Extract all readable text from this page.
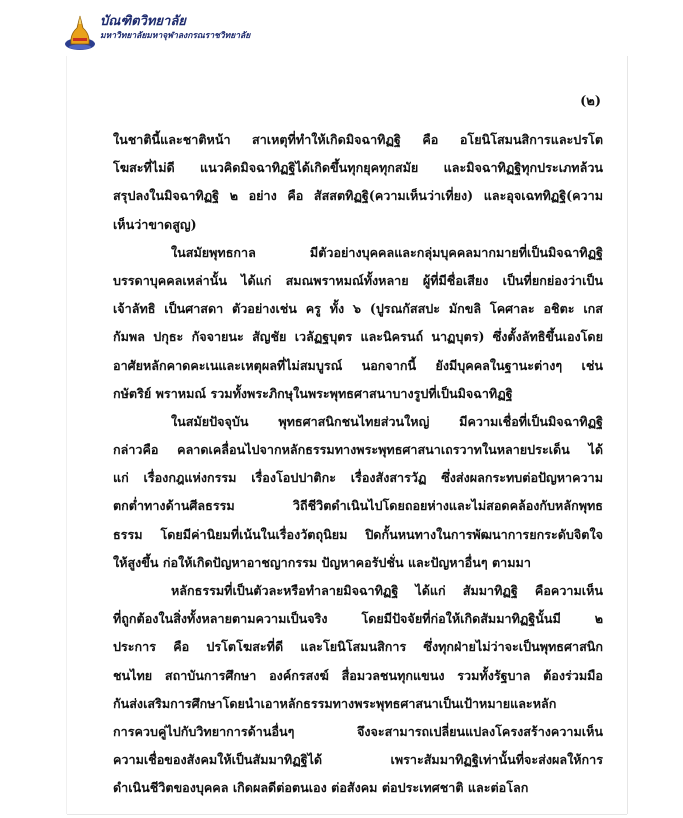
บัณฑิตวิทยาลัย
มหาวิทยาลัยมหาจุฬาลงกรณราชวิทยาลัย
(๒)
ในชาตินี้และชาติหน้า สาเหตุที่ทำให้เกิดมิจฉาทิฏฐิ คือ อโยนิโสมนสิการและปรโต
โฆสะที่ไม่ดี แนวคิดมิจฉาทิฏฐิได้เกิดขึ้นทุกยุคทุกสมัย และมิจฉาทิฏฐิทุกประเภทล้วน
สรุปลงในมิจฉาทิฏฐิ ๒ อย่าง คือ สัสสตทิฏฐิ(ความเห็นว่าเที่ยง) และอุจเฉททิฏฐิ(ความ
เห็นว่าขาดสูญ)
ในสมัยพุทธกาล มีตัวอย่างบุคคลและกลุ่มบุคคลมากมายที่เป็นมิจฉาทิฏฐิ
บรรดาบุคคลเหล่านั้น ได้แก่ สมณพราหมณ์ทั้งหลาย ผู้ที่มีชื่อเสียง เป็นที่ยกย่องว่าเป็น
เจ้าลัทธิ เป็นศาสดา ตัวอย่างเช่น ครู ทั้ง ๖ (ปูรณกัสสปะ มักขลิ โคศาละ อชิตะ เกส
กัมพล ปกุธะ กัจจายนะ สัญชัย เวลัฏฐบุตร และนิครนถ์ นาฏบุตร) ซึ่งตั้งลัทธิขึ้นเองโดย
อาศัยหลักคาดคะเนและเหตุผลที่ไม่สมบูรณ์ นอกจากนี้ ยังมีบุคคลในฐานะต่างๆ เช่น
กษัตริย์ พราหมณ์ รวมทั้งพระภิกษุในพระพุทธศาสนาบางรูปที่เป็นมิจฉาทิฏฐิ
ในสมัยปัจจุบัน พุทธศาสนิกชนไทยส่วนใหญ่ มีความเชื่อที่เป็นมิจฉาทิฏฐิ
กล่าวคือ คลาดเคลื่อนไปจากหลักธรรมทางพระพุทธศาสนาเถรวาทในหลายประเด็น ได้
แก่ เรื่องกฎแห่งกรรม เรื่องโอปปาติกะ เรื่องสังสารวัฏ ซึ่งส่งผลกระทบต่อปัญหาความ
ตกต่ำทางด้านศีลธรรม วิถีชีวิตดำเนินไปโดยถอยห่างและไม่สอดคล้องกับหลักพุทธ
ธรรม โดยมีค่านิยมที่เน้นในเรื่องวัตถุนิยม ปิดกั้นหนทางในการพัฒนาการยกระดับจิตใจ
ให้สูงขึ้น ก่อให้เกิดปัญหาอาชญากรรม ปัญหาคอรัปชั่น และปัญหาอื่นๆ ตามมา
หลักธรรมที่เป็นตัวละหรือทำลายมิจฉาทิฏฐิ ได้แก่ สัมมาทิฏฐิ คือความเห็น
ที่ถูกต้องในสิ่งทั้งหลายตามความเป็นจริง โดยมีปัจจัยที่ก่อให้เกิดสัมมาทิฏฐินั้นมี ๒
ประการ คือ ปรโตโฆสะที่ดี และโยนิโสมนสิการ ซึ่งทุกฝ่ายไม่ว่าจะเป็นพุทธศาสนิก
ชนไทย สถาบันการศึกษา องค์กรสงฆ์ สื่อมวลชนทุกแขนง รวมทั้งรัฐบาล ต้องร่วมมือ
กันส่งเสริมการศึกษาโดยนำเอาหลักธรรมทางพระพุทธศาสนาเป็นเป้าหมายและหลัก
การควบคู่ไปกับวิทยาการด้านอื่นๆ จึงจะสามารถเปลี่ยนแปลงโครงสร้างความเห็น
ความเชื่อของสังคมให้เป็นสัมมาทิฏฐิได้ เพราะสัมมาทิฏฐิเท่านั้นที่จะส่งผลให้การ
ดำเนินชีวิตของบุคคล เกิดผลดีต่อตนเอง ต่อสังคม ต่อประเทศชาติ และต่อโลก
